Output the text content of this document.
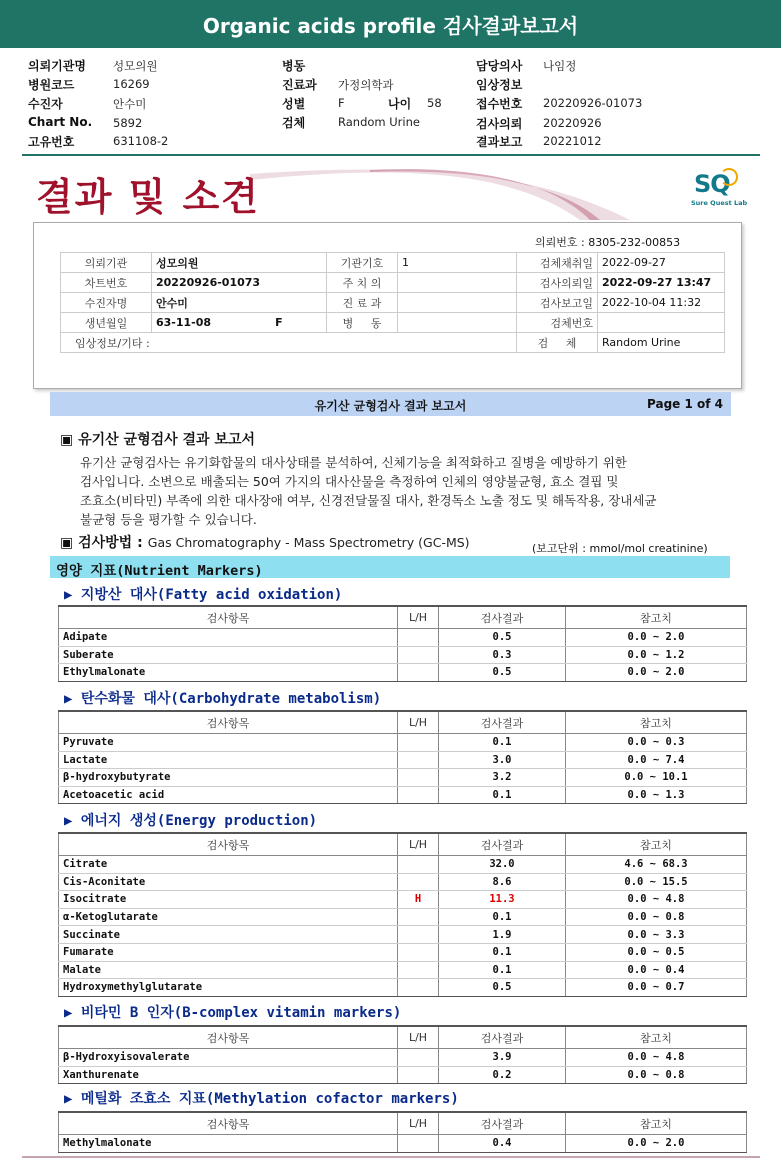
Organic acids profile 검사결과보고서
의뢰기관명 성모의원	병동	담당의사 나임정
병원코드	16269	진료과 가정의학과	임상정보
수진자	안수미	성별	F	나이 58	접수번호 20220926-01073
Chart No. 5892	검체	Random Urine	검사의뢰 20220926
고유번호	631108-2	결과보고 20221012
결과 및 소견	SQ
Sure Quest Lab
의뢰번호 : 8305-232-00853
의뢰기관	성모의원	기관기호	1	검체채취일	2022-09-27
차트번호	20220926-01073	주 치 의		검사의뢰일	2022-09-27 13:47
수진자명	안수미	진 료 과		검사보고일	2022-10-04 11:32
생년월일	63-11-08 F	병     동		검체번호	
임상정보/기타 :				검     체	Random Urine
유기산 균형검사 결과 보고서	Page 1 of 4
▣ 유기산 균형검사 결과 보고서
유기산 균형검사는 유기화합물의 대사상태를 분석하여, 신체기능을 최적화하고 질병을 예방하기 위한
검사입니다. 소변으로 배출되는 50여 가지의 대사산물을 측정하여 인체의 영양불균형, 효소 결핍 및
조효소(비타민) 부족에 의한 대사장애 여부, 신경전달물질 대사, 환경독소 노출 정도 및 해독작용, 장내세균
불균형 등을 평가할 수 있습니다.
▣ 검사방법 : Gas Chromatography - Mass Spectrometry (GC-MS)	(보고단위 : mmol/mol creatinine)
영양 지표(Nutrient Markers)
▶ 지방산 대사(Fatty acid oxidation)
검사항목	L/H	검사결과	참고치
Adipate		0.5	0.0 ~ 2.0
Suberate		0.3	0.0 ~ 1.2
Ethylmalonate		0.5	0.0 ~ 2.0
▶ 탄수화물 대사(Carbohydrate metabolism)
검사항목	L/H	검사결과	참고치
Pyruvate		0.1	0.0 ~ 0.3
Lactate		3.0	0.0 ~ 7.4
β-hydroxybutyrate		3.2	0.0 ~ 10.1
Acetoacetic acid		0.1	0.0 ~ 1.3
▶ 에너지 생성(Energy production)
검사항목	L/H	검사결과	참고치
Citrate		32.0	4.6 ~ 68.3
Cis-Aconitate		8.6	0.0 ~ 15.5
Isocitrate	H	11.3	0.0 ~ 4.8
α-Ketoglutarate		0.1	0.0 ~ 0.8
Succinate		1.9	0.0 ~ 3.3
Fumarate		0.1	0.0 ~ 0.5
Malate		0.1	0.0 ~ 0.4
Hydroxymethylglutarate		0.5	0.0 ~ 0.7
▶ 비타민 B 인자(B-complex vitamin markers)
검사항목	L/H	검사결과	참고치
β-Hydroxyisovalerate		3.9	0.0 ~ 4.8
Xanthurenate		0.2	0.0 ~ 0.8
▶ 메틸화 조효소 지표(Methylation cofactor markers)
검사항목	L/H	검사결과	참고치
Methylmalonate		0.4	0.0 ~ 2.0
